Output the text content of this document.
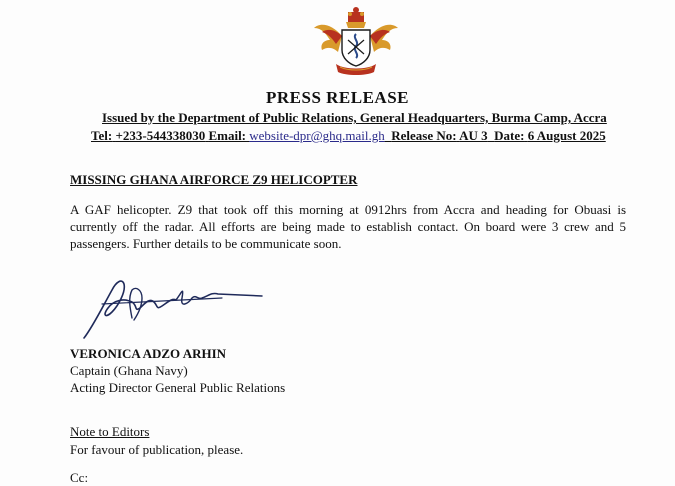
PRESS RELEASE
Issued by the Department of Public Relations, General Headquarters, Burma Camp, Accra
Tel: +233-544338030 Email: website-dpr@ghq.mail.gh Release No: AU 3 Date: 6 August 2025
MISSING GHANA AIRFORCE Z9 HELICOPTER
A GAF helicopter. Z9 that took off this morning at 0912hrs from Accra and heading for Obuasi is currently off the radar. All efforts are being made to establish contact. On board were 3 crew and 5 passengers. Further details to be communicate soon.
VERONICA ADZO ARHIN
Captain (Ghana Navy)
Acting Director General Public Relations
Note to Editors
For favour of publication, please.
Cc:
